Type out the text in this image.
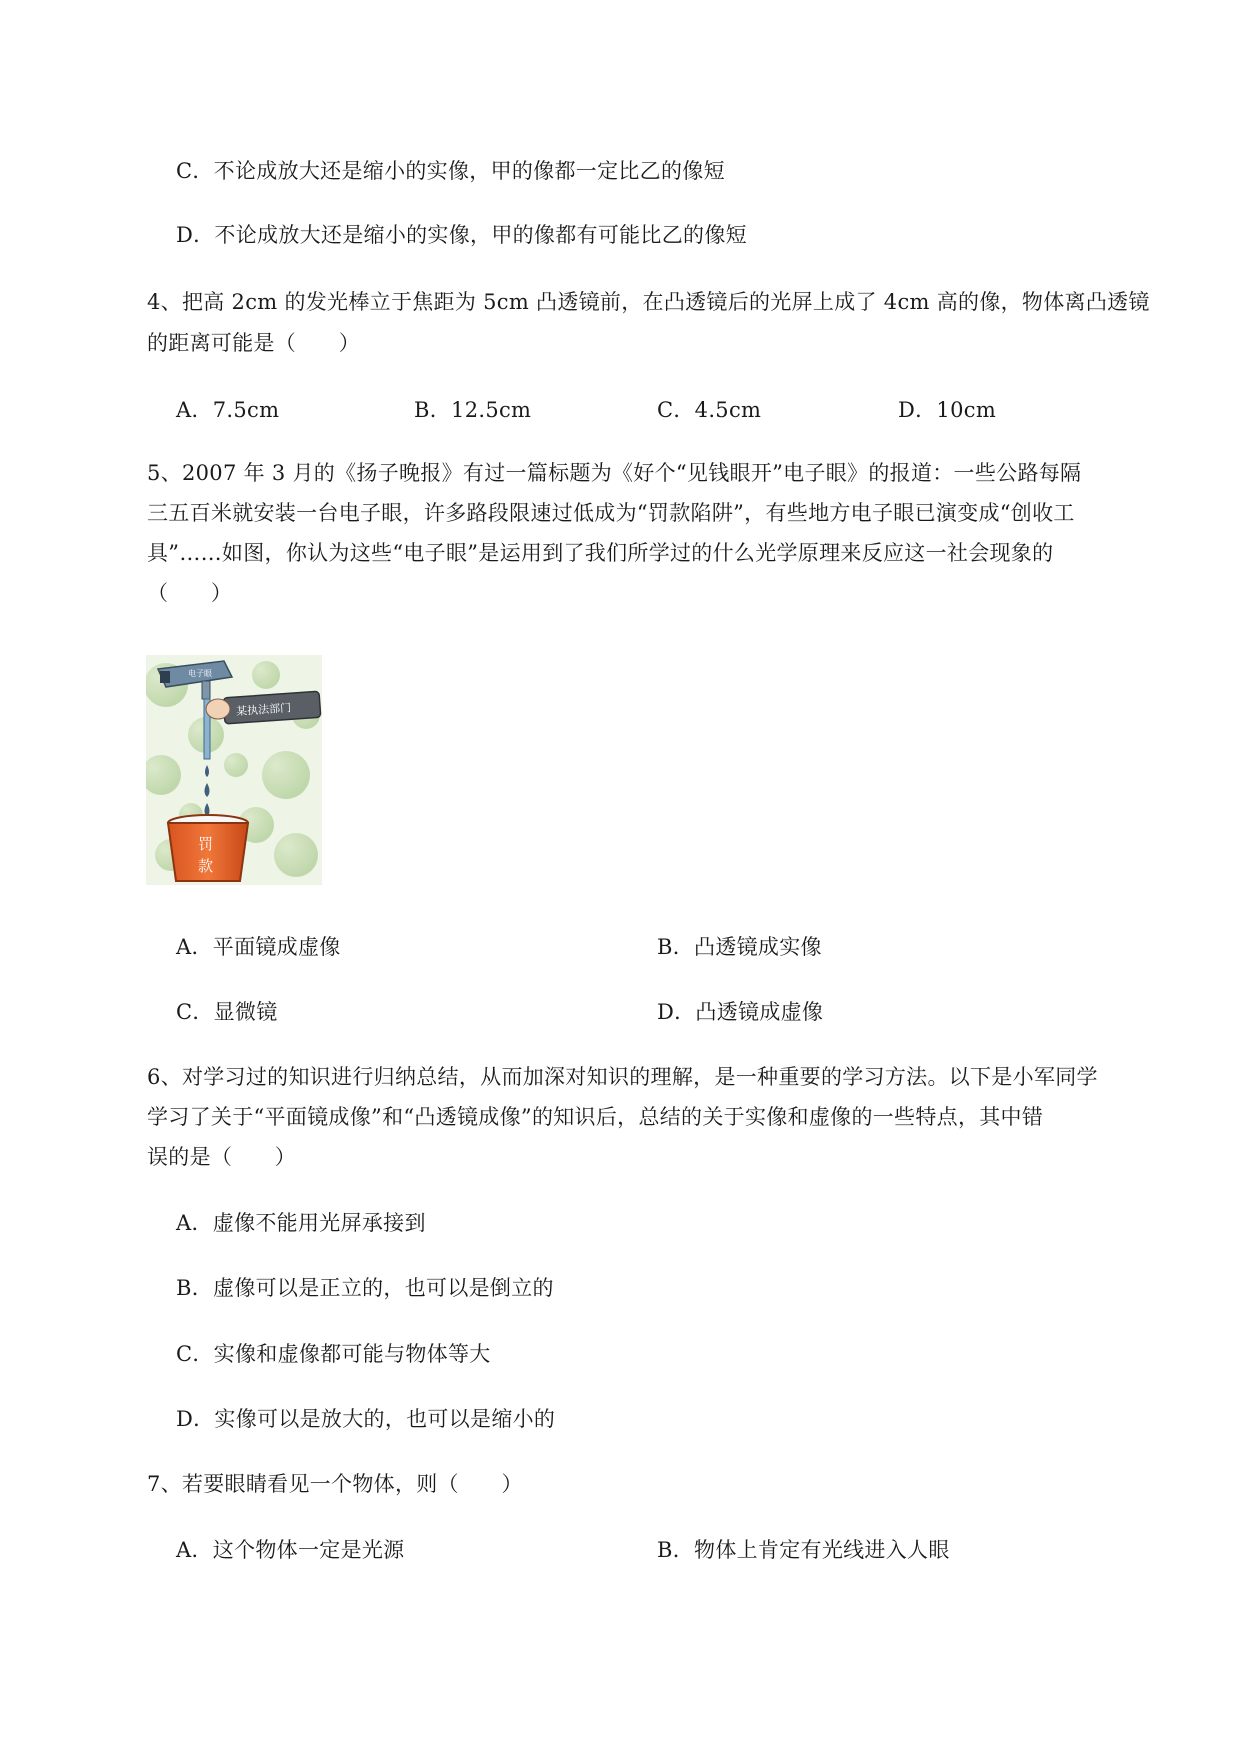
C．不论成放大还是缩小的实像，甲的像都一定比乙的像短
D．不论成放大还是缩小的实像，甲的像都有可能比乙的像短
4、把高 2cm 的发光棒立于焦距为 5cm 凸透镜前，在凸透镜后的光屏上成了 4cm 高的像，物体离凸透镜
的距离可能是（　　）
A．7.5cm	B．12.5cm	C．4.5cm	D．10cm
5、2007 年 3 月的《扬子晚报》有过一篇标题为《好个“见钱眼开”电子眼》的报道：一些公路每隔
三五百米就安装一台电子眼，许多路段限速过低成为“罚款陷阱”，有些地方电子眼已演变成“创收工
具”……如图，你认为这些“电子眼”是运用到了我们所学过的什么光学原理来反应这一社会现象的
（　　）
电子眼
某执法部门
罚
款
A．平面镜成虚像	B．凸透镜成实像
C．显微镜	D．凸透镜成虚像
6、对学习过的知识进行归纳总结，从而加深对知识的理解，是一种重要的学习方法。以下是小军同学
学习了关于“平面镜成像”和“凸透镜成像”的知识后，总结的关于实像和虚像的一些特点，其中错
误的是（　　）
A．虚像不能用光屏承接到
B．虚像可以是正立的，也可以是倒立的
C．实像和虚像都可能与物体等大
D．实像可以是放大的，也可以是缩小的
7、若要眼睛看见一个物体，则（　　）
A．这个物体一定是光源	B．物体上肯定有光线进入人眼
